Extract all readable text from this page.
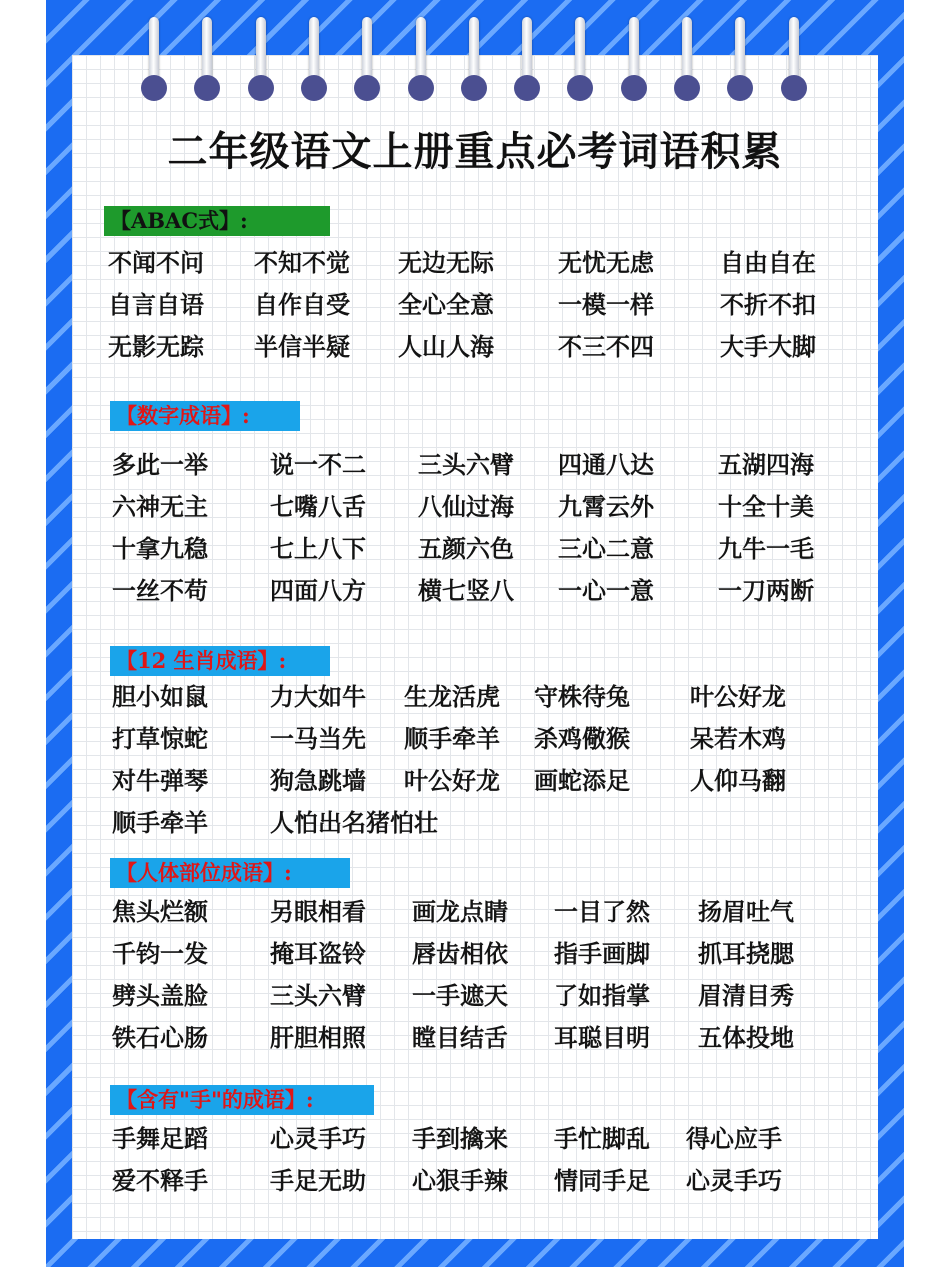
二年级语文上册重点必考词语积累
【ABAC式】:
【数字成语】:
【12 生肖成语】:
【人体部位成语】:
【含有"手"的成语】:
不闻不问 不知不觉 无边无际	无忧无虑	自由自在
自言自语 自作自受 全心全意	一模一样	不折不扣
无影无踪 半信半疑 人山人海	不三不四	大手大脚
多此一举	说一不二 三头六臂 四通八达	五湖四海
六神无主	七嘴八舌 八仙过海 九霄云外	十全十美
十拿九稳	七上八下 五颜六色 三心二意	九牛一毛
一丝不苟	四面八方 横七竖八 一心一意	一刀两断
胆小如鼠	力大如牛 生龙活虎 守株待兔	叶公好龙
打草惊蛇	一马当先 顺手牵羊 杀鸡儆猴	呆若木鸡
对牛弹琴	狗急跳墙 叶公好龙 画蛇添足	人仰马翻
顺手牵羊	人怕出名猪怕壮
焦头烂额	另眼相看 画龙点睛 一目了然 扬眉吐气
千钧一发	掩耳盗铃 唇齿相依 指手画脚 抓耳挠腮
劈头盖脸	三头六臂 一手遮天 了如指掌 眉清目秀
铁石心肠	肝胆相照 瞠目结舌 耳聪目明 五体投地
手舞足蹈	心灵手巧 手到擒来 手忙脚乱 得心应手
爱不释手	手足无助 心狠手辣 情同手足 心灵手巧
